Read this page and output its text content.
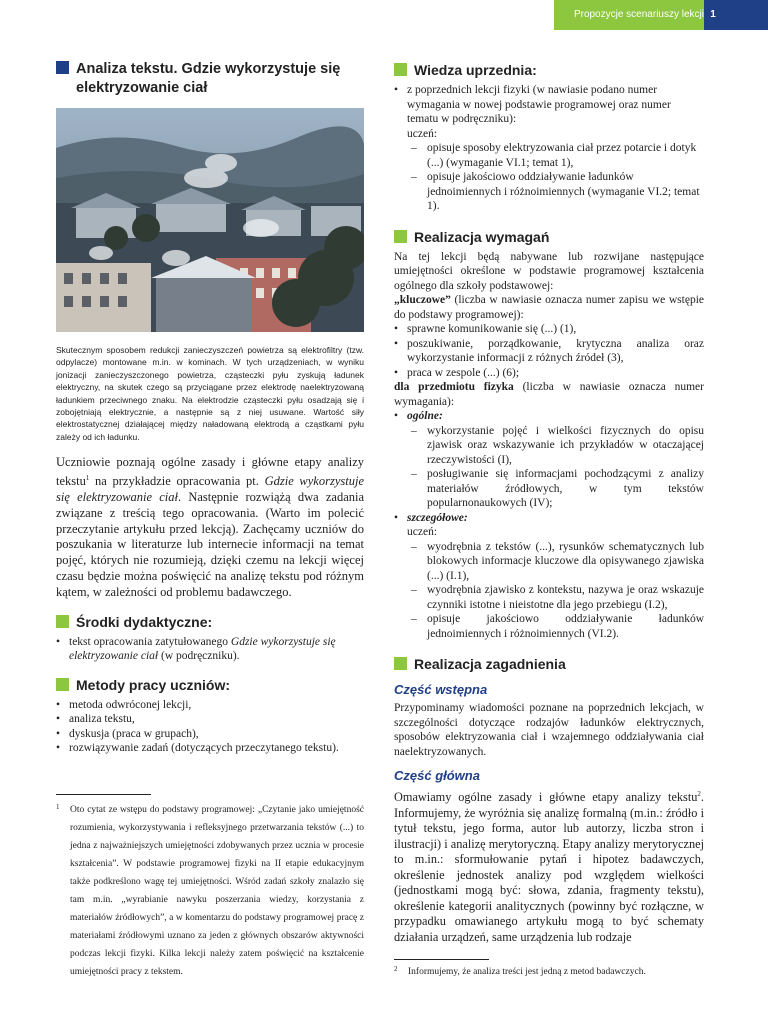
Propozycje scenariuszy lekcji 1
Analiza tekstu. Gdzie wykorzystuje się
elektryzowanie ciał

Skutecznym sposobem redukcji zanieczyszczeń powietrza są elektrofiltry (tzw. odpylacze) montowane m.in. w kominach. W tych urządzeniach, w wyniku jonizacji zanieczyszczonego powietrza, cząsteczki pyłu zyskują ładunek elektryczny, na skutek czego są przyciągane przez elektrodę naelektryzowaną ładunkiem przeciwnego znaku. Na elektrodzie cząsteczki pyłu osadzają się i zobojętniają elektrycznie, a następnie są z niej usuwane. Wartość siły elektrostatycznej działającej między naładowaną elektrodą a cząstkami pyłu zależy od ich ładunku.

Uczniowie poznają ogólne zasady i główne etapy analizy tekstu$^1$ na przykładzie opracowania pt. Gdzie wykorzystuje się elektryzowanie ciał. Następnie rozwiążą dwa zadania związane z treścią tego opracowania. (Warto im polecić przeczytanie artykułu przed lekcją). Zachęcamy uczniów do poszukania w literaturze lub internecie informacji na temat pojęć, których nie rozumieją, dzięki czemu na lekcji więcej czasu będzie można poświęcić na analizę tekstu pod różnym kątem, w zależności od problemu badawczego.

Środki dydaktyczne:
• tekst opracowania zatytułowanego Gdzie wykorzystuje się elektryzowanie ciał (w podręczniku).
Metody pracy uczniów:
• metoda odwróconej lekcji,
• analiza tekstu,
• dyskusja (praca w grupach),
• rozwiązywanie zadań (dotyczących przeczytanego tekstu).
1 Oto cytat ze wstępu do podstawy programowej: „Czytanie jako umiejętność rozumienia, wykorzystywania i refleksyjnego przetwarzania tekstów (...) to jedna z najważniejszych umiejętności zdobywanych przez ucznia w procesie kształcenia”. W podstawie programowej fizyki na II etapie edukacyjnym także podkreślono wagę tej umiejętności. Wśród zadań szkoły znalazło się tam m.in. „wyrabianie nawyku poszerzania wiedzy, korzystania z materiałów źródłowych”, a w komentarzu do podstawy programowej pracę z materiałami źródłowymi uznano za jeden z głównych obszarów aktywności podczas lekcji fizyki. Kilka lekcji należy zatem poświęcić na kształcenie umiejętności pracy z tekstem.
Wiedza uprzednia:
• z poprzednich lekcji fizyki (w nawiasie podano numer wymagania w nowej podstawie programowej oraz numer tematu w podręczniku):
uczeń:
– opisuje sposoby elektryzowania ciał przez potarcie i dotyk (...) (wymaganie VI.1; temat 1),
– opisuje jakościowo oddziaływanie ładunków jednoimiennych i różnoimiennych (wymaganie VI.2; temat 1).
Realizacja wymagań

Na tej lekcji będą nabywane lub rozwijane następujące umiejętności określone w podstawie programowej kształcenia ogólnego dla szkoły podstawowej:

„kluczowe” (liczba w nawiasie oznacza numer zapisu we wstępie do podstawy programowej):

• sprawne komunikowanie się (...) (1),
• poszukiwanie, porządkowanie, krytyczna analiza oraz wykorzystanie informacji z różnych źródeł (3),
• praca w zespole (...) (6);

dla przedmiotu fizyka (liczba w nawiasie oznacza numer wymagania):

• ogólne:
– wykorzystanie pojęć i wielkości fizycznych do opisu zjawisk oraz wskazywanie ich przykładów w otaczającej rzeczywistości (I),
– posługiwanie się informacjami pochodzącymi z analizy materiałów źródłowych, w tym tekstów popularnonaukowych (IV);
• szczegółowe:
uczeń:
– wyodrębnia z tekstów (...), rysunków schematycznych lub blokowych informacje kluczowe dla opisywanego zjawiska (...) (I.1),
– wyodrębnia zjawisko z kontekstu, nazywa je oraz wskazuje czynniki istotne i nieistotne dla jego przebiegu (I.2),
– opisuje jakościowo oddziaływanie ładunków jednoimiennych i różnoimiennych (VI.2).
Realizacja zagadnienia
Część wstępna

Przypominamy wiadomości poznane na poprzednich lekcjach, w szczególności dotyczące rodzajów ładunków elektrycznych, sposobów elektryzowania ciał i wzajemnego oddziaływania ciał naelektryzowanych.

Część główna

Omawiamy ogólne zasady i główne etapy analizy tekstu$^2$. Informujemy, że wyróżnia się analizę formalną (m.in.: źródło i tytuł tekstu, jego forma, autor lub autorzy, liczba stron i ilustracji) i analizę merytoryczną. Etapy analizy merytorycznej to m.in.: sformułowanie pytań i hipotez badawczych, określenie jednostek analizy pod względem wielkości (jednostkami mogą być: słowa, zdania, fragmenty tekstu), określenie kategorii analitycznych (powinny być rozłączne, w przypadku omawianego artykułu mogą to być schematy działania urządzeń, same urządzenia lub rodzaje

2 Informujemy, że analiza treści jest jedną z metod badawczych.
